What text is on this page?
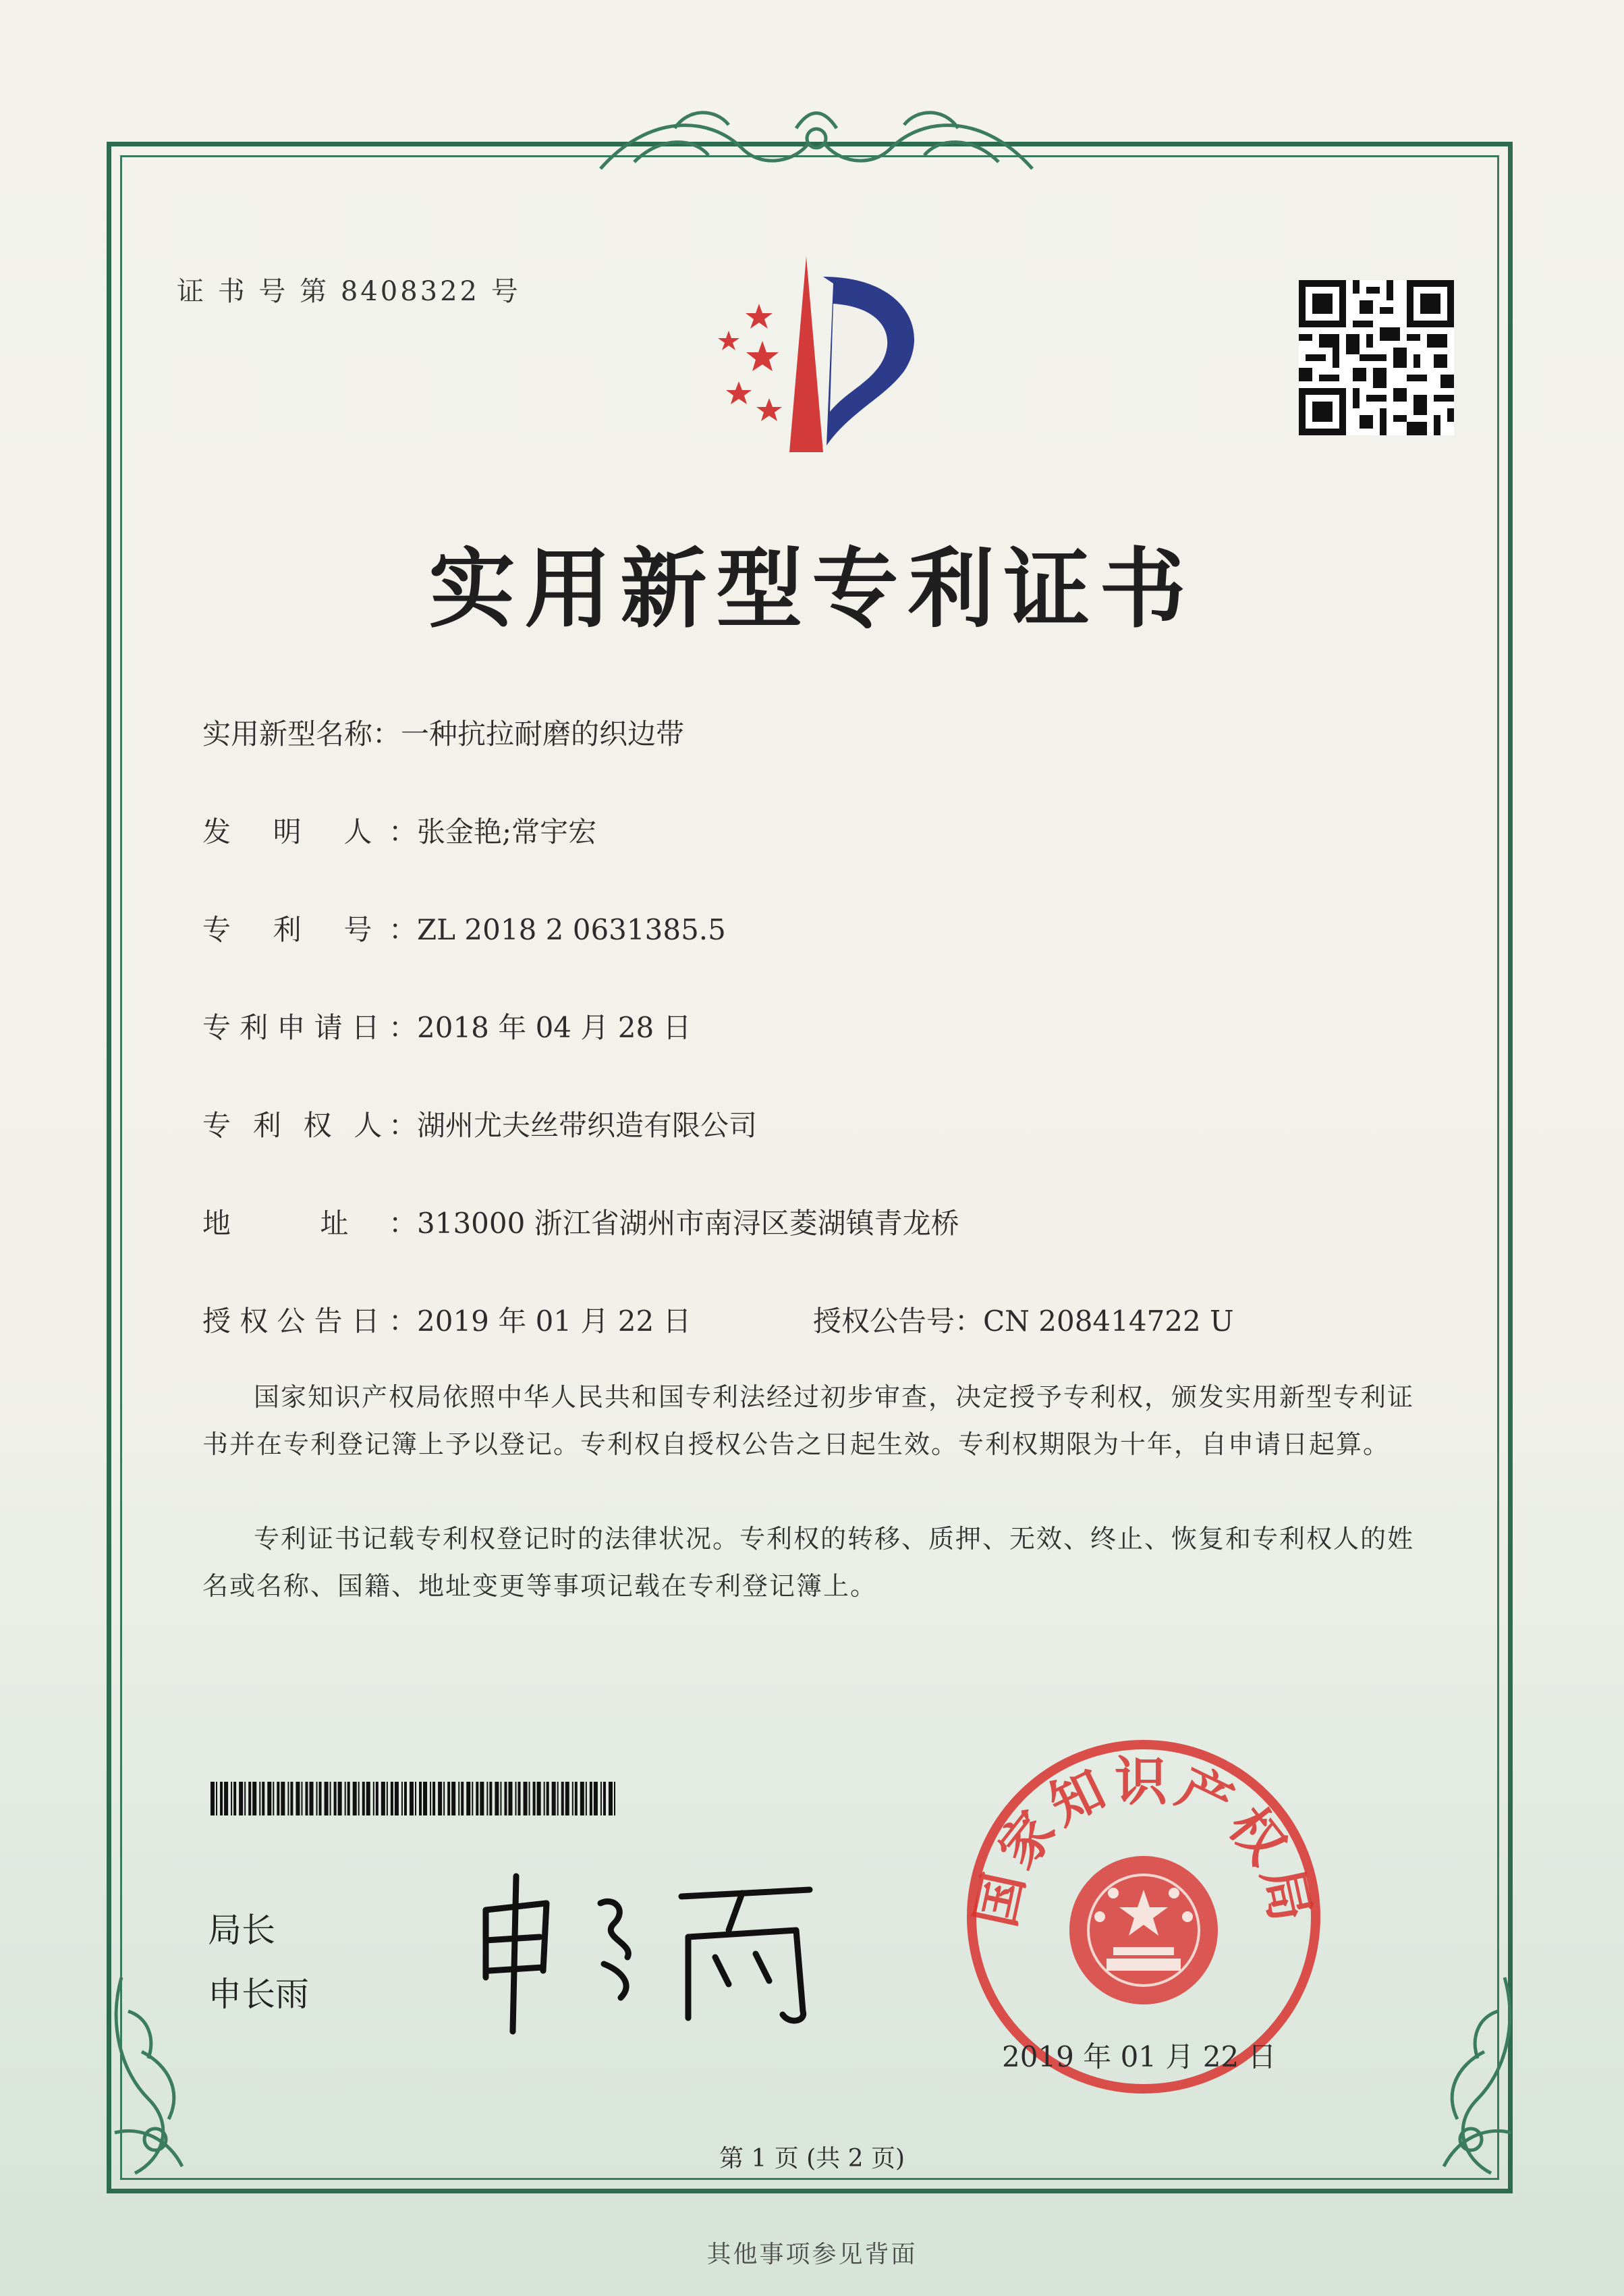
证 书 号 第 8408322 号
实用新型专利证书
实用新型名称：一种抗拉耐磨的织边带
发 明 人：张金艳;常宇宏
专 利 号：ZL 2018 2 0631385.5
专利申请日：2018 年 04 月 28 日
专 利 权 人：湖州尤夫丝带织造有限公司
地 址：313000 浙江省湖州市南浔区菱湖镇青龙桥
授权公告日：2019 年 01 月 22 日	授权公告号：CN 208414722 U
国家知识产权局依照中华人民共和国专利法经过初步审查，决定授予专利权，颁发实用新型专利证书并在专利登记簿上予以登记。专利权自授权公告之日起生效。专利权期限为十年，自申请日起算。
专利证书记载专利权登记时的法律状况。专利权的转移、质押、无效、终止、恢复和专利权人的姓名或名称、国籍、地址变更等事项记载在专利登记簿上。
局长
申长雨
国家知识产权局
2019 年 01 月 22 日
第 1 页 (共 2 页)
其他事项参见背面
